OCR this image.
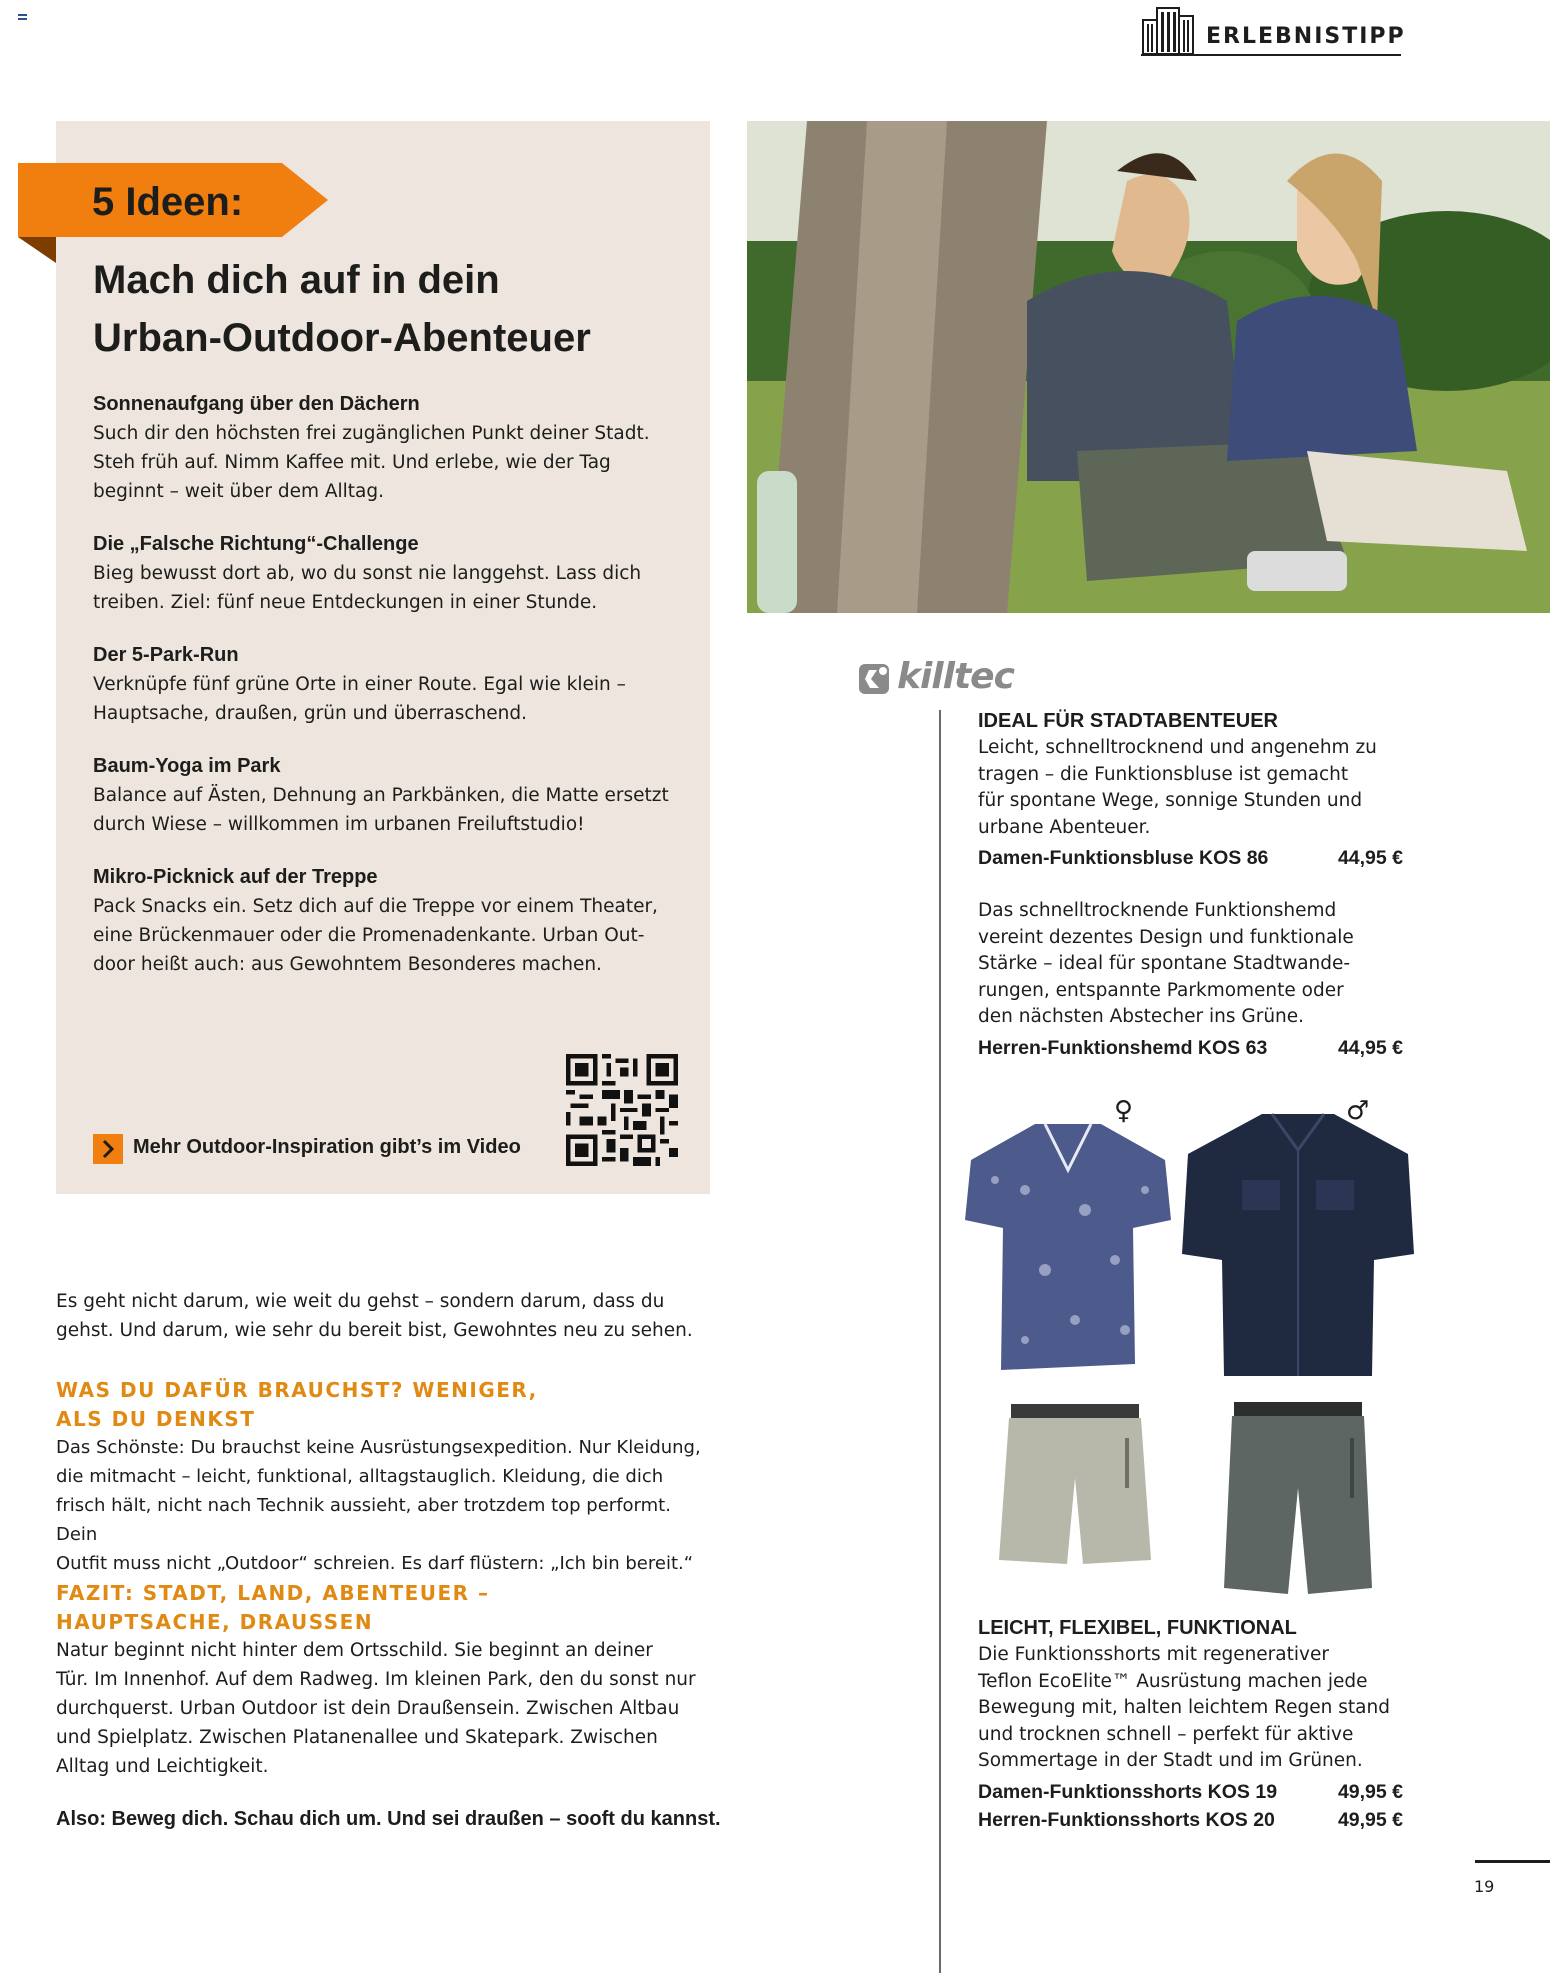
ERLEBNISTIPP
5 Ideen:
Mach dich auf in dein
Urban-Outdoor-Abenteuer
Sonnenaufgang über den Dächern
Such dir den höchsten frei zugänglichen Punkt deiner Stadt.
Steh früh auf. Nimm Kaffee mit. Und erlebe, wie der Tag
beginnt – weit über dem Alltag.
Die „Falsche Richtung“-Challenge
Bieg bewusst dort ab, wo du sonst nie langgehst. Lass dich
treiben. Ziel: fünf neue Entdeckungen in einer Stunde.
Der 5-Park-Run
Verknüpfe fünf grüne Orte in einer Route. Egal wie klein –
Hauptsache, draußen, grün und überraschend.
Baum-Yoga im Park
Balance auf Ästen, Dehnung an Parkbänken, die Matte ersetzt
durch Wiese – willkommen im urbanen Freiluftstudio!
Mikro-Picknick auf der Treppe
Pack Snacks ein. Setz dich auf die Treppe vor einem Theater,
eine Brückenmauer oder die Promenadenkante. Urban Out-
door heißt auch: aus Gewohntem Besonderes machen.
Mehr Outdoor-Inspiration gibt’s im Video
Es geht nicht darum, wie weit du gehst – sondern darum, dass du
gehst. Und darum, wie sehr du bereit bist, Gewohntes neu zu sehen.
WAS DU DAFÜR BRAUCHST? WENIGER,
ALS DU DENKST
Das Schönste: Du brauchst keine Ausrüstungsexpedition. Nur Kleidung,
die mitmacht – leicht, funktional, alltagstauglich. Kleidung, die dich
frisch hält, nicht nach Technik aussieht, aber trotzdem top performt. Dein
Outfit muss nicht „Outdoor“ schreien. Es darf flüstern: „Ich bin bereit.“
FAZIT: STADT, LAND, ABENTEUER –
HAUPTSACHE, DRAUSSEN
Natur beginnt nicht hinter dem Ortsschild. Sie beginnt an deiner
Tür. Im Innenhof. Auf dem Radweg. Im kleinen Park, den du sonst nur
durchquerst. Urban Outdoor ist dein Draußensein. Zwischen Altbau
und Spielplatz. Zwischen Platanenallee und Skatepark. Zwischen
Alltag und Leichtigkeit.
Also: Beweg dich. Schau dich um. Und sei draußen – sooft du kannst.
killtec
IDEAL FÜR STADTABENTEUER
Leicht, schnelltrocknend und angenehm zu
tragen – die Funktionsbluse ist gemacht
für spontane Wege, sonnige Stunden und
urbane Abenteuer.
Damen-Funktionsbluse KOS 86	44,95 €
Das schnelltrocknende Funktionshemd
vereint dezentes Design und funktionale
Stärke – ideal für spontane Stadtwande-
rungen, entspannte Parkmomente oder
den nächsten Abstecher ins Grüne.
Herren-Funktionshemd KOS 63	44,95 €
♀	♂
LEICHT, FLEXIBEL, FUNKTIONAL
Die Funktionsshorts mit regenerativer
Teflon EcoElite™ Ausrüstung machen jede
Bewegung mit, halten leichtem Regen stand
und trocknen schnell – perfekt für aktive
Sommertage in der Stadt und im Grünen.
Damen-Funktionsshorts KOS 19	49,95 €
Herren-Funktionsshorts KOS 20	49,95 €
19
